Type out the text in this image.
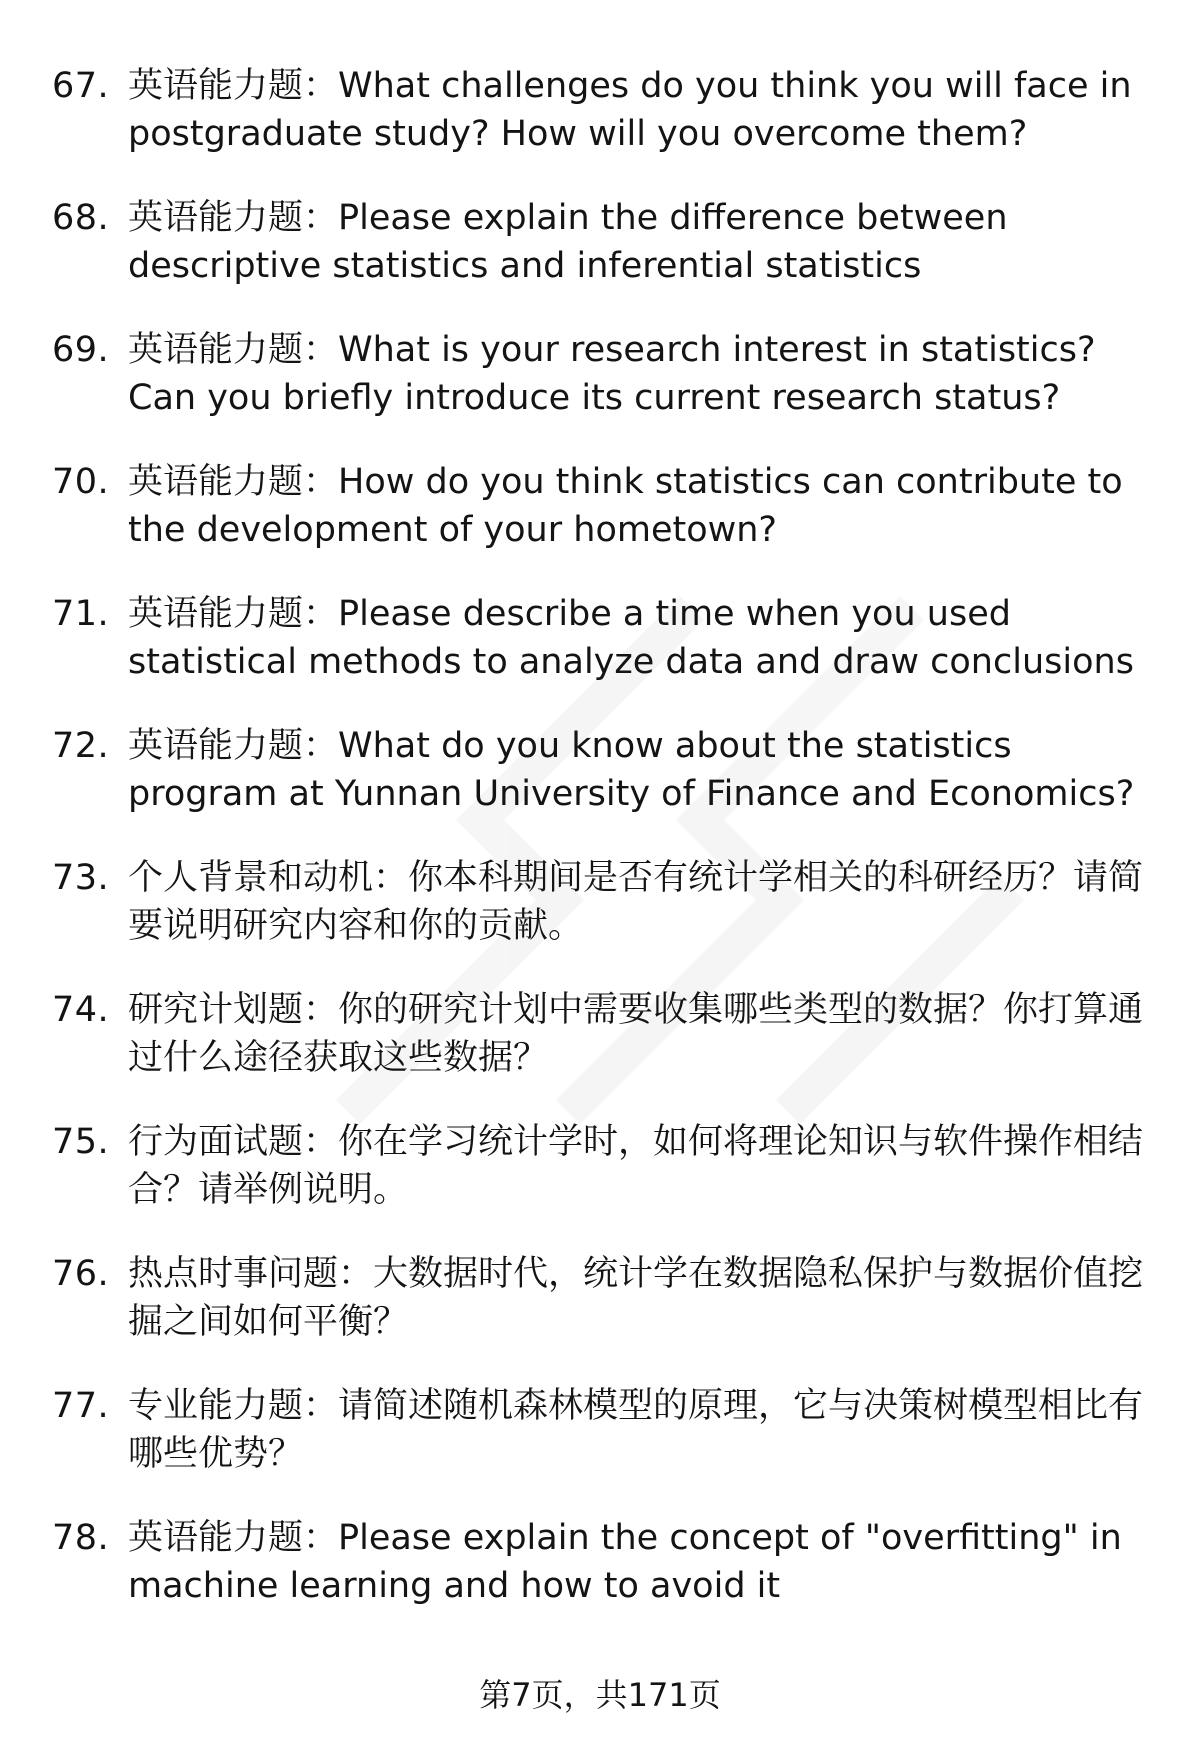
67. 英语能力题：What challenges do you think you will face in postgraduate study? How will you overcome them?
68. 英语能力题：Please explain the difference between descriptive statistics and inferential statistics
69. 英语能力题：What is your research interest in statistics? Can you briefly introduce its current research status?
70. 英语能力题：How do you think statistics can contribute to the development of your hometown?
71. 英语能力题：Please describe a time when you used statistical methods to analyze data and draw conclusions
72. 英语能力题：What do you know about the statistics program at Yunnan University of Finance and Economics?
73. 个人背景和动机：你本科期间是否有统计学相关的科研经历？请简要说明研究内容和你的贡献。
74. 研究计划题：你的研究计划中需要收集哪些类型的数据？你打算通过什么途径获取这些数据？
75. 行为面试题：你在学习统计学时，如何将理论知识与软件操作相结合？请举例说明。
76. 热点时事问题：大数据时代，统计学在数据隐私保护与数据价值挖掘之间如何平衡？
77. 专业能力题：请简述随机森林模型的原理，它与决策树模型相比有哪些优势？
78. 英语能力题：Please explain the concept of "overfitting" in machine learning and how to avoid it
第7页，共171页
